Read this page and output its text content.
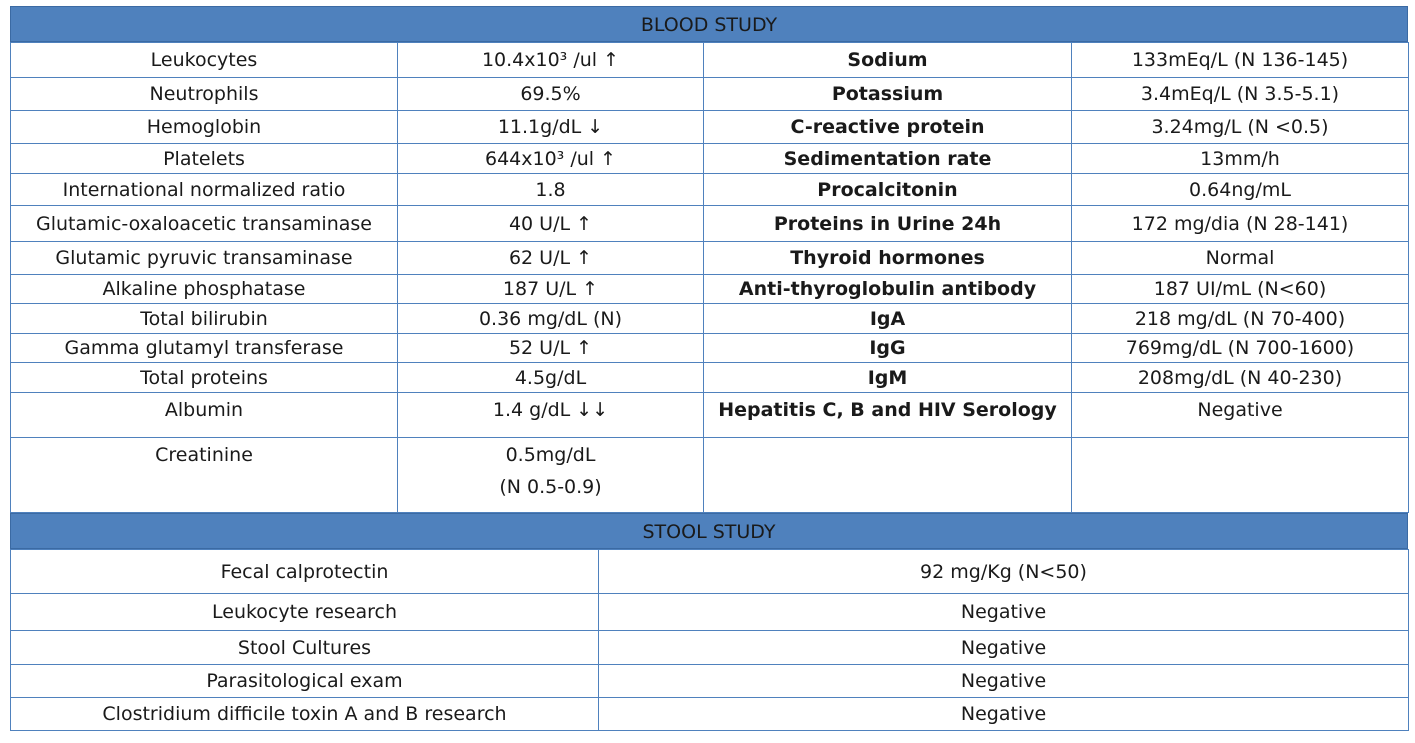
BLOOD STUDY
Leukocytes	10.4x10³ /ul ↑	Sodium	133mEq/L (N 136-145)
Neutrophils	69.5%	Potassium	3.4mEq/L (N 3.5-5.1)
Hemoglobin	11.1g/dL ↓	C-reactive protein	3.24mg/L (N <0.5)
Platelets	644x10³ /ul ↑	Sedimentation rate	13mm/h
International normalized ratio	1.8	Procalcitonin	0.64ng/mL
Glutamic-oxaloacetic transaminase	40 U/L ↑	Proteins in Urine 24h	172 mg/dia (N 28-141)
Glutamic pyruvic transaminase	62 U/L ↑	Thyroid hormones	Normal
Alkaline phosphatase	187 U/L ↑	Anti-thyroglobulin antibody	187 UI/mL (N<60)
Total bilirubin	0.36 mg/dL (N)	IgA	218 mg/dL (N 70-400)
Gamma glutamyl transferase	52 U/L ↑	IgG	769mg/dL (N 700-1600)
Total proteins	4.5g/dL	IgM	208mg/dL (N 40-230)
Albumin	1.4 g/dL ↓↓	Hepatitis C, B and HIV Serology	Negative
Creatinine	0.5mg/dL
(N 0.5-0.9)		

STOOL STUDY
Fecal calprotectin	92 mg/Kg (N<50)
Leukocyte research	Negative
Stool Cultures	Negative
Parasitological exam	Negative
Clostridium difficile toxin A and B research	Negative
